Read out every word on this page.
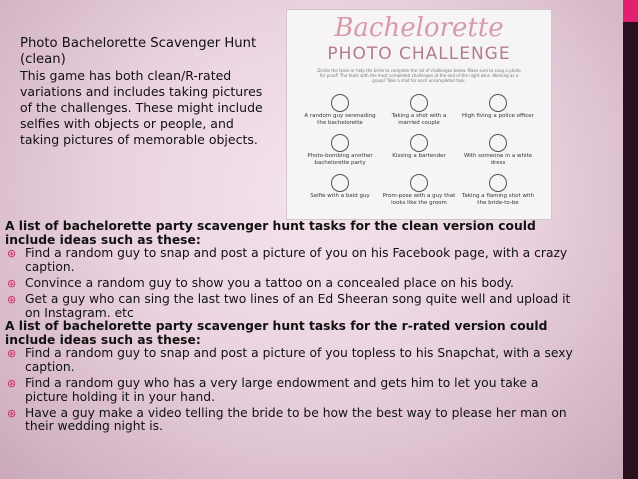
Photo Bachelorette Scavenger Hunt (clean)
This game has both clean/R-rated variations and includes taking pictures of the challenges. These might include selfies with objects or people, and taking pictures of memorable objects.
Bachelorette
PHOTO CHALLENGE
Divide the team or help the bride to complete the list of challenges below. Make sure to snap a photo for proof! The team with the most completed challenges at the end of the night wins. Working as a group? Take a shot for each uncompleted task.
A random guy serenading the bachelorette
Taking a shot with a married couple
High fiving a police officer
Photo-bombing another bachelorette party
Kissing a bartender	With someone in a white dress
Selfie with a bald guy	Prom-pose with a guy that looks like the groom
Taking a flaming shot with the bride-to-be
A list of bachelorette party scavenger hunt tasks for the clean version could include ideas such as these:
⊛ Find a random guy to snap and post a picture of you on his Facebook page, with a crazy caption.
⊛ Convince a random guy to show you a tattoo on a concealed place on his body.
⊛ Get a guy who can sing the last two lines of an Ed Sheeran song quite well and upload it on Instagram. etc
A list of bachelorette party scavenger hunt tasks for the r-rated version could include ideas such as these:
⊛ Find a random guy to snap and post a picture of you topless to his Snapchat, with a sexy caption.
⊛ Find a random guy who has a very large endowment and gets him to let you take a picture holding it in your hand.
⊛ Have a guy make a video telling the bride to be how the best way to please her man on their wedding night is.
